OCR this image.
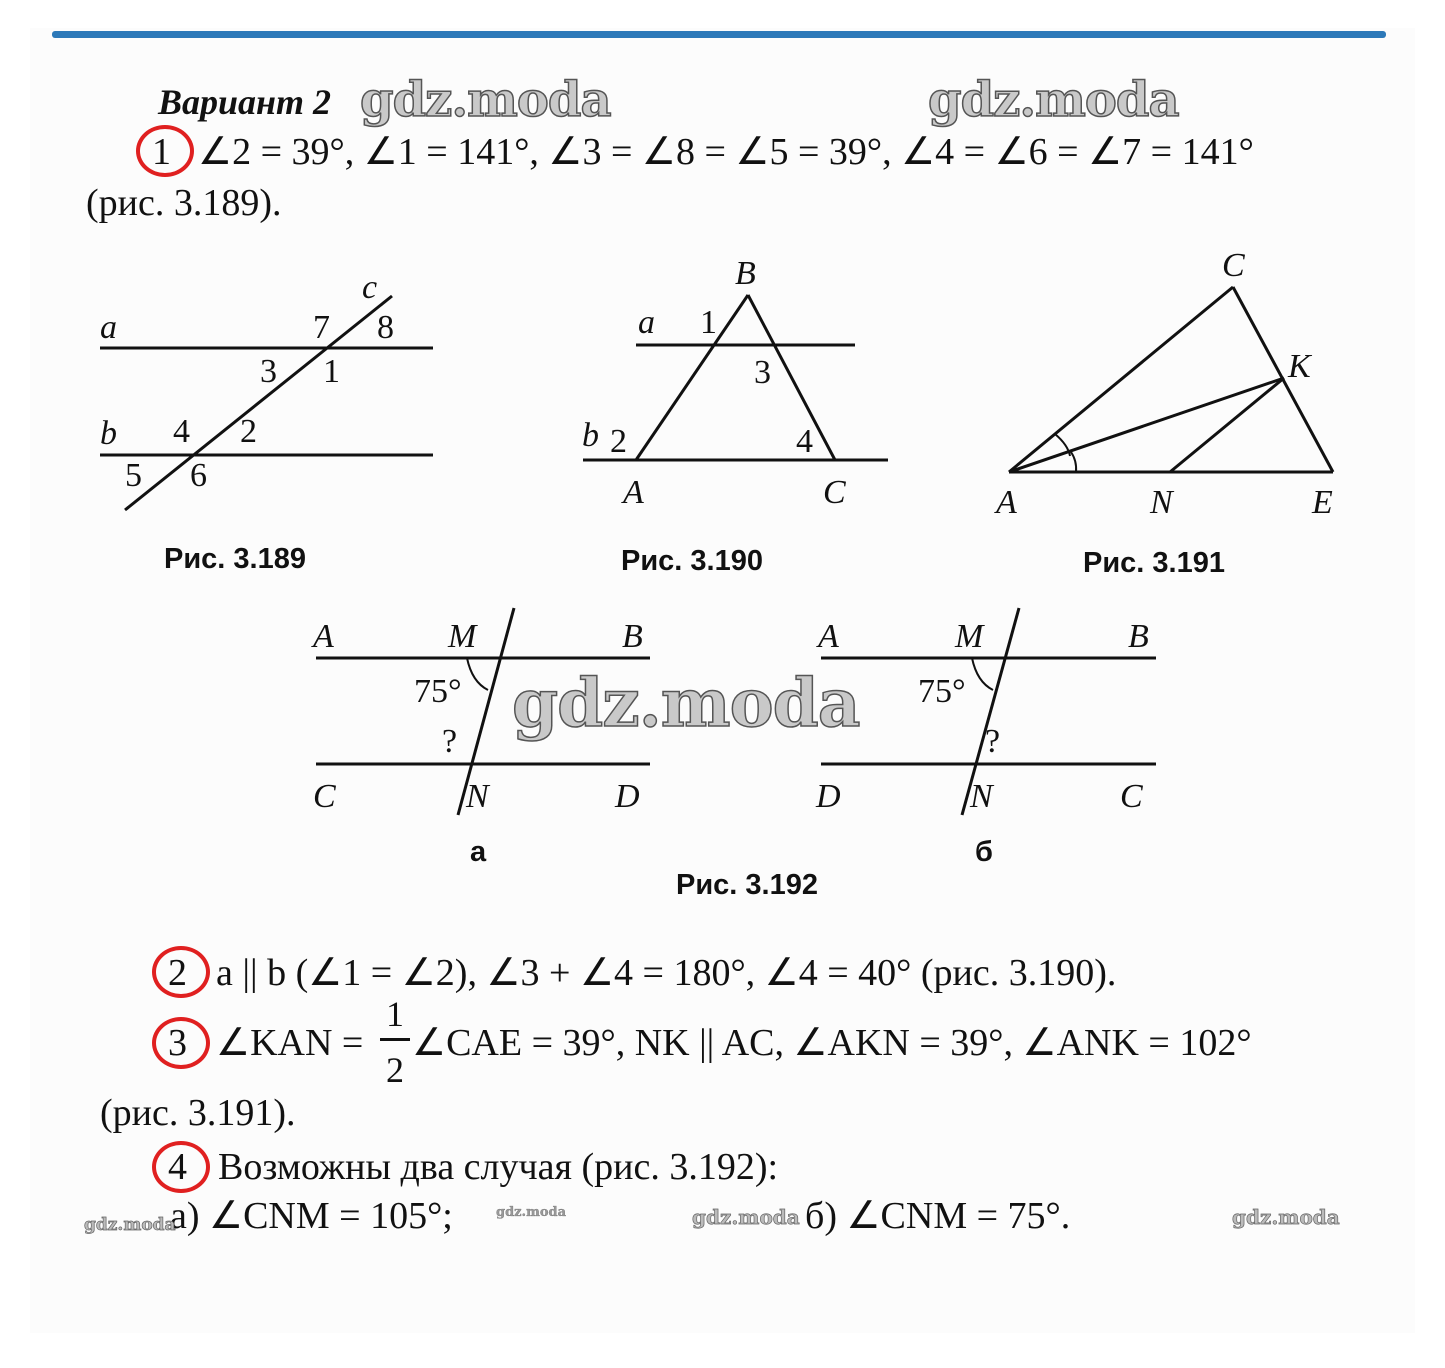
Вариант 2 gdz.moda	gdz.moda
1 ∠2 = 39°, ∠1 = 141°, ∠3 = ∠8 = ∠5 = 39°, ∠4 = ∠6 = ∠7 = 141°
(рис. 3.189).
a
b
c
1
2
3
4
5 6
7 8
B
a 1
3
b 2	4
A	C
C
K
A	N	E
A	M	B
75°
?
C	N	D
A	M	B
75°
?
D	N	C
Рис. 3.189	Рис. 3.190	Рис. 3.191
а	б
Рис. 3.192
gdz.moda
2 a || b (∠1 = ∠2), ∠3 + ∠4 = 180°, ∠4 = 40° (рис. 3.190).
3 ∠KAN =
1
2
∠CAE = 39°, NK || AC, ∠AKN = 39°, ∠ANK = 102°
(рис. 3.191).
4 Возможны два случая (рис. 3.192):
а) ∠CNM = 105°;	б) ∠CNM = 75°.
gdz.moda
gdz.moda	gdz.moda	gdz.moda
